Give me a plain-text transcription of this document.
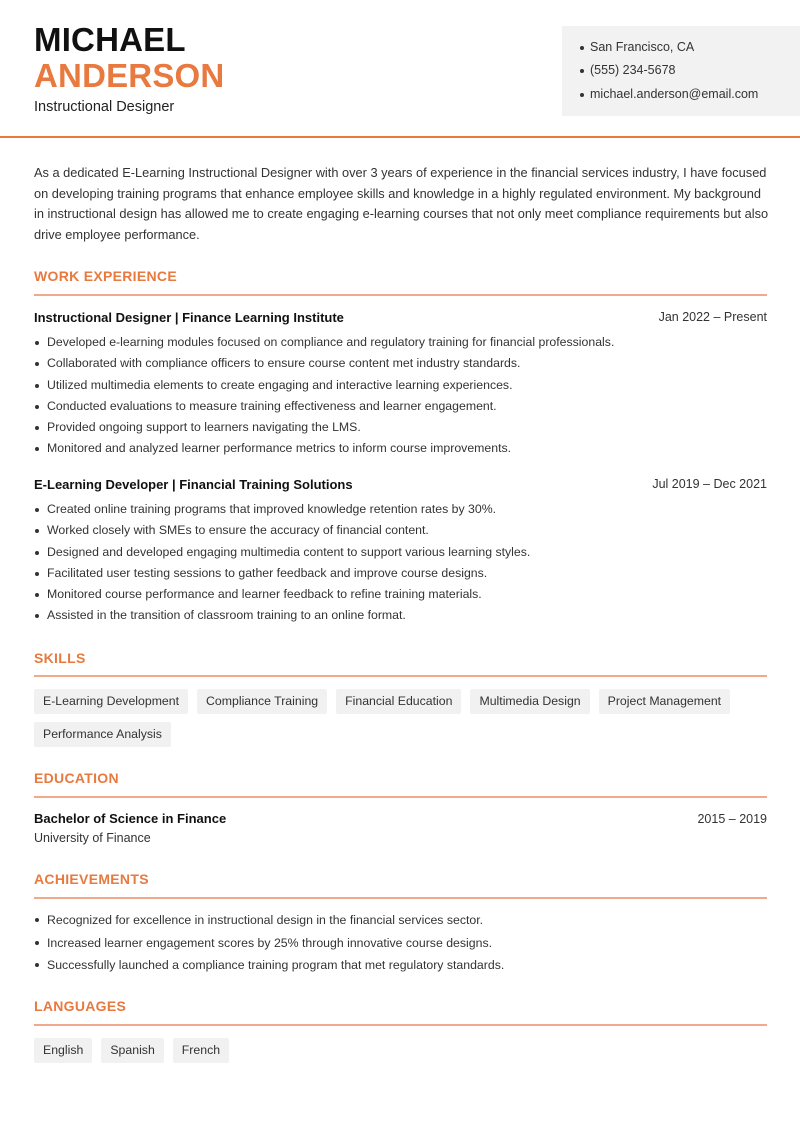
MICHAEL
ANDERSON
Instructional Designer
San Francisco, CA
(555) 234-5678
michael.anderson@email.com
As a dedicated E-Learning Instructional Designer with over 3 years of experience in the financial services industry, I have focused on developing training programs that enhance employee skills and knowledge in a highly regulated environment. My background in instructional design has allowed me to create engaging e-learning courses that not only meet compliance requirements but also drive employee performance.
WORK EXPERIENCE
Instructional Designer | Finance Learning Institute	Jan 2022 – Present
Developed e-learning modules focused on compliance and regulatory training for financial professionals.
Collaborated with compliance officers to ensure course content met industry standards.
Utilized multimedia elements to create engaging and interactive learning experiences.
Conducted evaluations to measure training effectiveness and learner engagement.
Provided ongoing support to learners navigating the LMS.
Monitored and analyzed learner performance metrics to inform course improvements.
E-Learning Developer | Financial Training Solutions	Jul 2019 – Dec 2021
Created online training programs that improved knowledge retention rates by 30%.
Worked closely with SMEs to ensure the accuracy of financial content.
Designed and developed engaging multimedia content to support various learning styles.
Facilitated user testing sessions to gather feedback and improve course designs.
Monitored course performance and learner feedback to refine training materials.
Assisted in the transition of classroom training to an online format.
SKILLS
E-Learning Development	Compliance Training	Financial Education	Multimedia Design	Project Management
Performance Analysis
EDUCATION
Bachelor of Science in Finance	2015 – 2019
University of Finance
ACHIEVEMENTS
Recognized for excellence in instructional design in the financial services sector.
Increased learner engagement scores by 25% through innovative course designs.
Successfully launched a compliance training program that met regulatory standards.
LANGUAGES
English	Spanish	French
